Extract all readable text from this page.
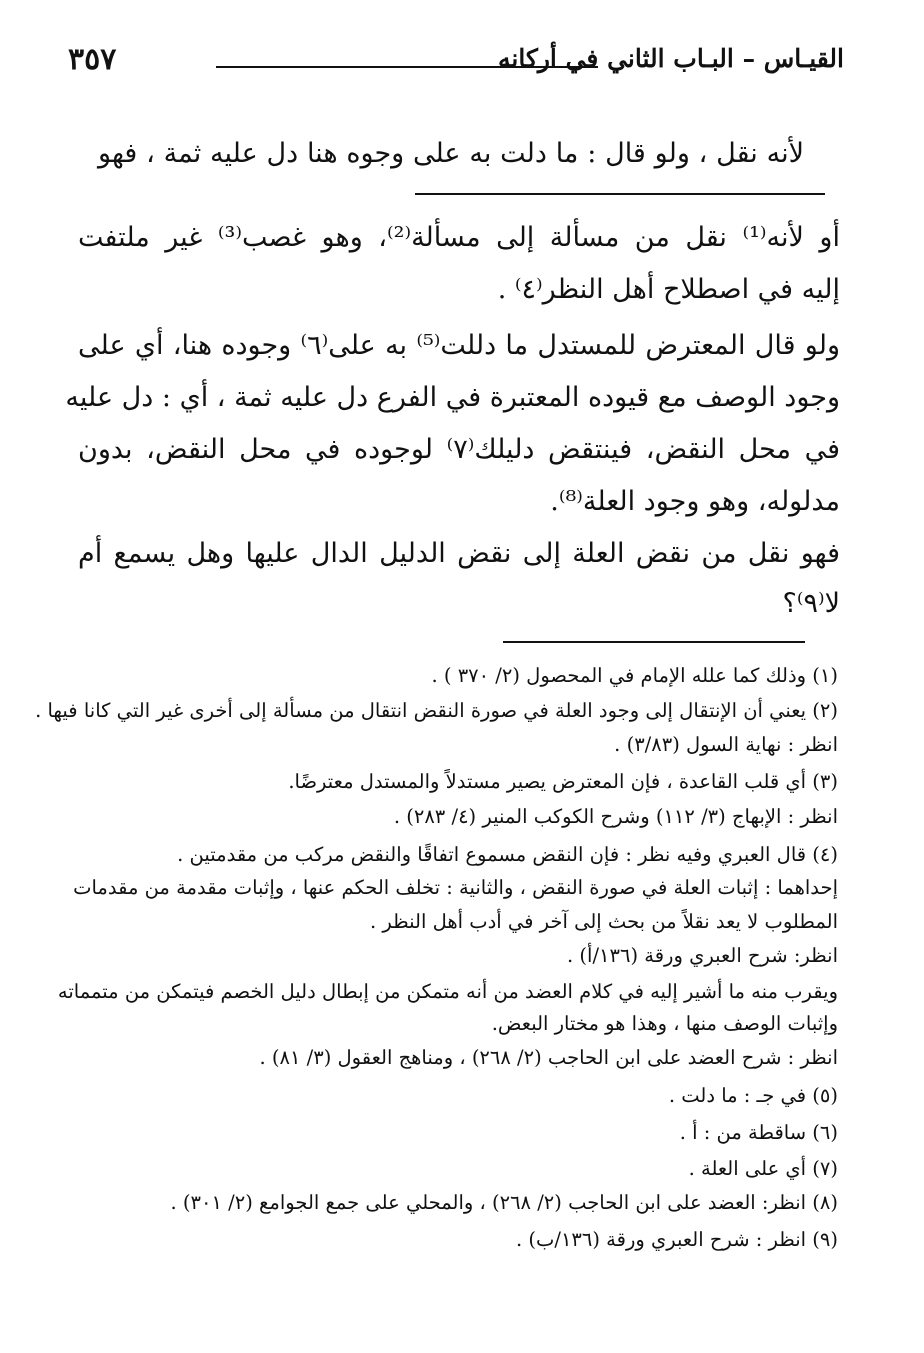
٣٥٧	القيـاس – البـاب الثاني في أركانه
لأنه نقل ، ولو قال : ما دلت به على وجوه هنا دل عليه ثمة ، فهو
أو لأنه⁽¹⁾ نقل من مسألة إلى مسألة⁽²⁾، وهو غصب⁽³⁾ غير ملتفت
إليه في اصطلاح أهل النظر⁽٤⁾ .
ولو قال المعترض للمستدل ما دللت⁽⁵⁾ به على⁽٦⁾ وجوده هنا، أي على
وجود الوصف مع قيوده المعتبرة في الفرع دل عليه ثمة ، أي : دل عليه
في محل النقض، فينتقض دليلك⁽٧⁾ لوجوده في محل النقض، بدون
مدلوله، وهو وجود العلة⁽⁸⁾.
فهو نقل من نقض العلة إلى نقض الدليل الدال عليها وهل يسمع أم
لا⁽٩⁾؟
(١) وذلك كما علله الإمام في المحصول (٢/ ٣٧٠ ) .
(٢) يعني أن الإنتقال إلى وجود العلة في صورة النقض انتقال من مسألة إلى أخرى غير التي كانا فيها .
انظر : نهاية السول (٣/٨٣) .
(٣) أي قلب القاعدة ، فإن المعترض يصير مستدلاً والمستدل معترضًا.
انظر : الإبهاج (٣/ ١١٢) وشرح الكوكب المنير (٤/ ٢٨٣) .
(٤) قال العبري وفيه نظر : فإن النقض مسموع اتفاقًا والنقض مركب من مقدمتين .
إحداهما : إثبات العلة في صورة النقض ، والثانية : تخلف الحكم عنها ، وإثبات مقدمة من مقدمات
المطلوب لا يعد نقلاً من بحث إلى آخر في أدب أهل النظر .
انظر: شرح العبري ورقة (١٣٦/أ) .
ويقرب منه ما أشير إليه في كلام العضد من أنه متمكن من إبطال دليل الخصم فيتمكن من متمماته
وإثبات الوصف منها ، وهذا هو مختار البعض.
انظر : شرح العضد على ابن الحاجب (٢/ ٢٦٨) ، ومناهج العقول (٣/ ٨١) .
(٥) في جـ : ما دلت .
(٦) ساقطة من : أ .
(٧) أي على العلة .
(٨) انظر: العضد على ابن الحاجب (٢/ ٢٦٨) ، والمحلي على جمع الجوامع (٢/ ٣٠١) .
(٩) انظر : شرح العبري ورقة (١٣٦/ب) .
